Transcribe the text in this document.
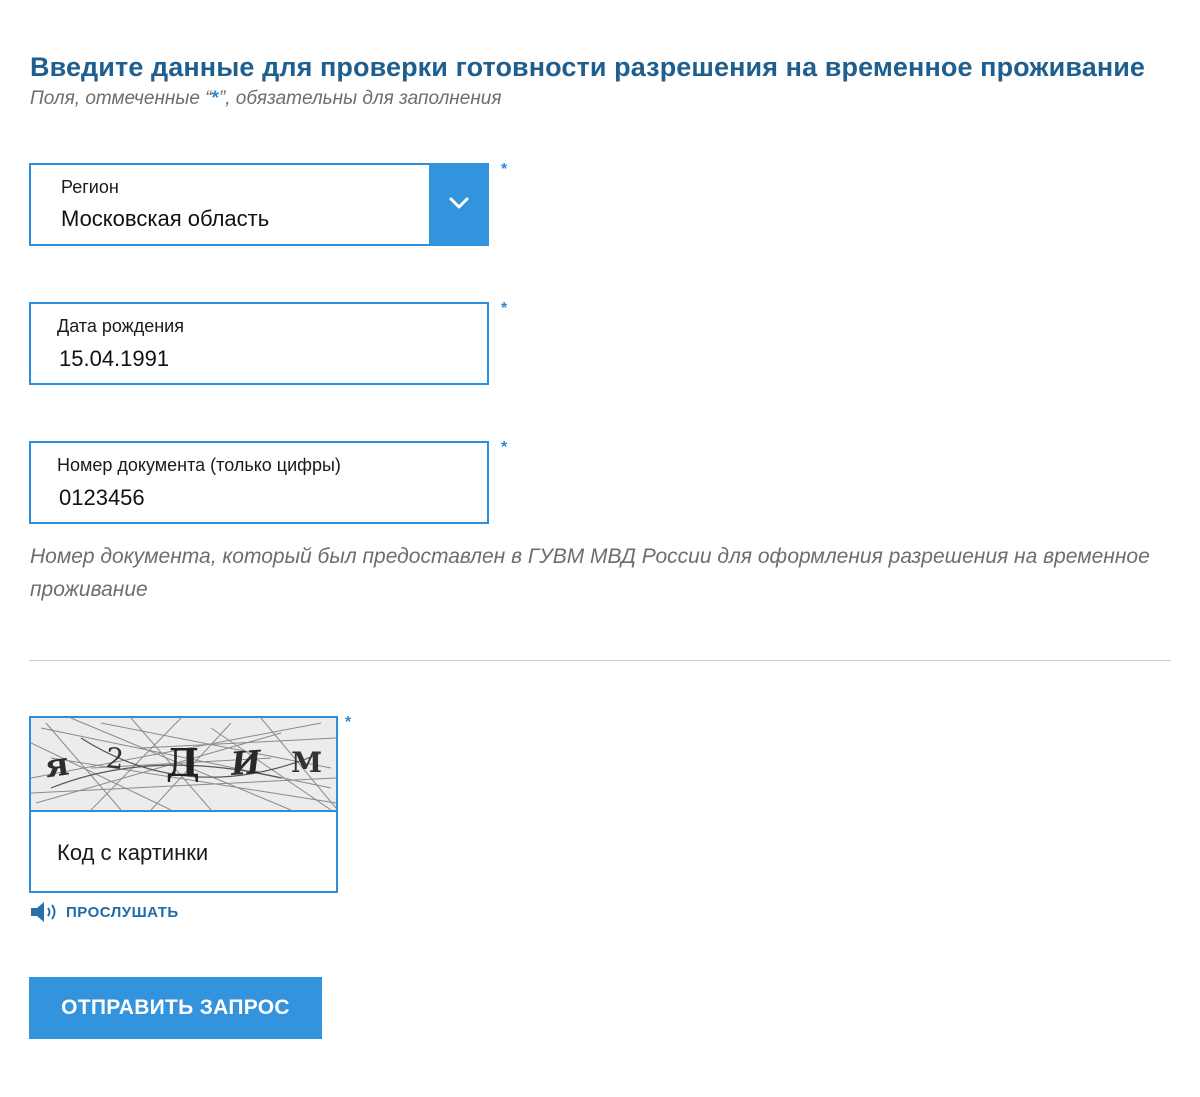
Введите данные для проверки готовности разрешения на временное проживание
Поля, отмеченные “*”, обязательны для заполнения
Регион
Московская область
*
Дата рождения
15.04.1991
*
Номер документа (только цифры)
0123456
*
Номер документа, который был предоставлен в ГУВМ МВД России для оформления разрешения на временное проживание
я 2 Д И М
Код с картинки
*
ПРОСЛУШАТЬ
ОТПРАВИТЬ ЗАПРОС
